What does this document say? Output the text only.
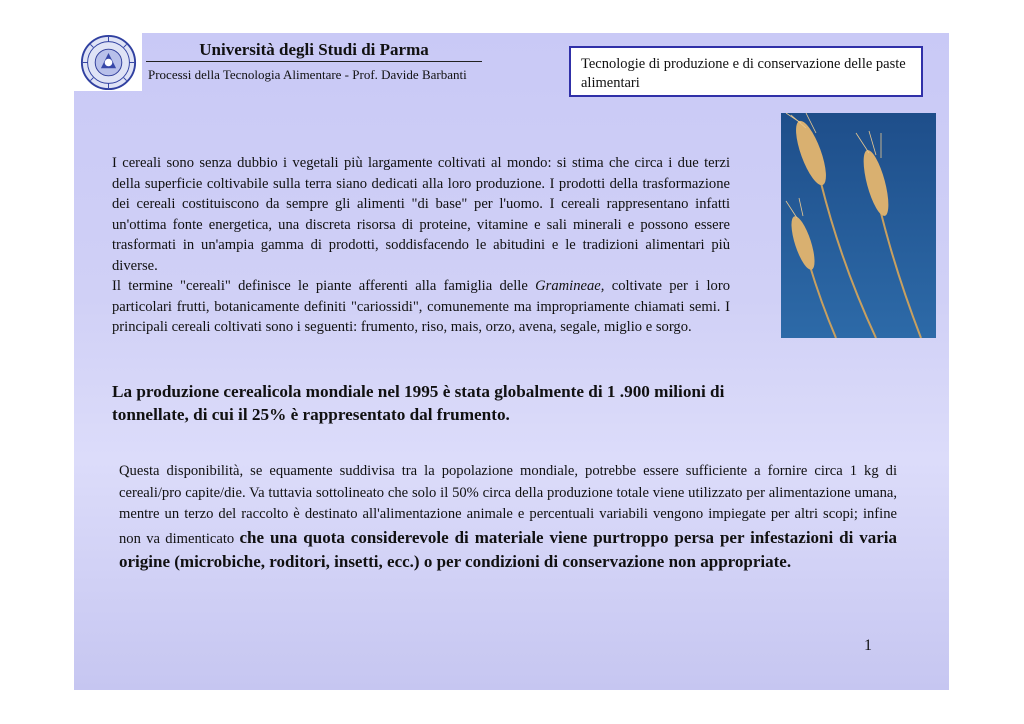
Università degli Studi di Parma
Processi della Tecnologia Alimentare - Prof. Davide Barbanti
Tecnologie di produzione e di conservazione delle paste alimentari

I cereali sono senza dubbio i vegetali più largamente coltivati al mondo: si stima che circa i due terzi della superficie coltivabile sulla terra siano dedicati alla loro produzione. I prodotti della trasformazione dei cereali costituiscono da sempre gli alimenti "di base" per l'uomo. I cereali rappresentano infatti un'ottima fonte energetica, una discreta risorsa di proteine, vitamine e sali minerali e possono essere trasformati in un'ampia gamma di prodotti, soddisfacendo le abitudini e le tradizioni alimentari più diverse.

Il termine "cereali" definisce le piante afferenti alla famiglia delle Gramineae, coltivate per i loro particolari frutti, botanicamente definiti "cariossidi", comunemente ma impropriamente chiamati semi. I principali cereali coltivati sono i seguenti: frumento, riso, mais, orzo, avena, segale, miglio e sorgo.

La produzione cerealicola mondiale nel 1995 è stata globalmente di 1 .900 milioni di tonnellate, di cui il 25% è rappresentato dal frumento.
Questa disponibilità, se equamente suddivisa tra la popolazione mondiale, potrebbe essere sufficiente a fornire circa 1 kg di cereali/pro capite/die. Va tuttavia sottolineato che solo il 50% circa della produzione totale viene utilizzato per alimentazione umana, mentre un terzo del raccolto è destinato all'alimentazione animale e percentuali variabili vengono impiegate per altri scopi; infine non va dimenticato che una quota considerevole di materiale viene purtroppo persa per infestazioni di varia origine (microbiche, roditori, insetti, ecc.) o per condizioni di conservazione non appropriate.
1
